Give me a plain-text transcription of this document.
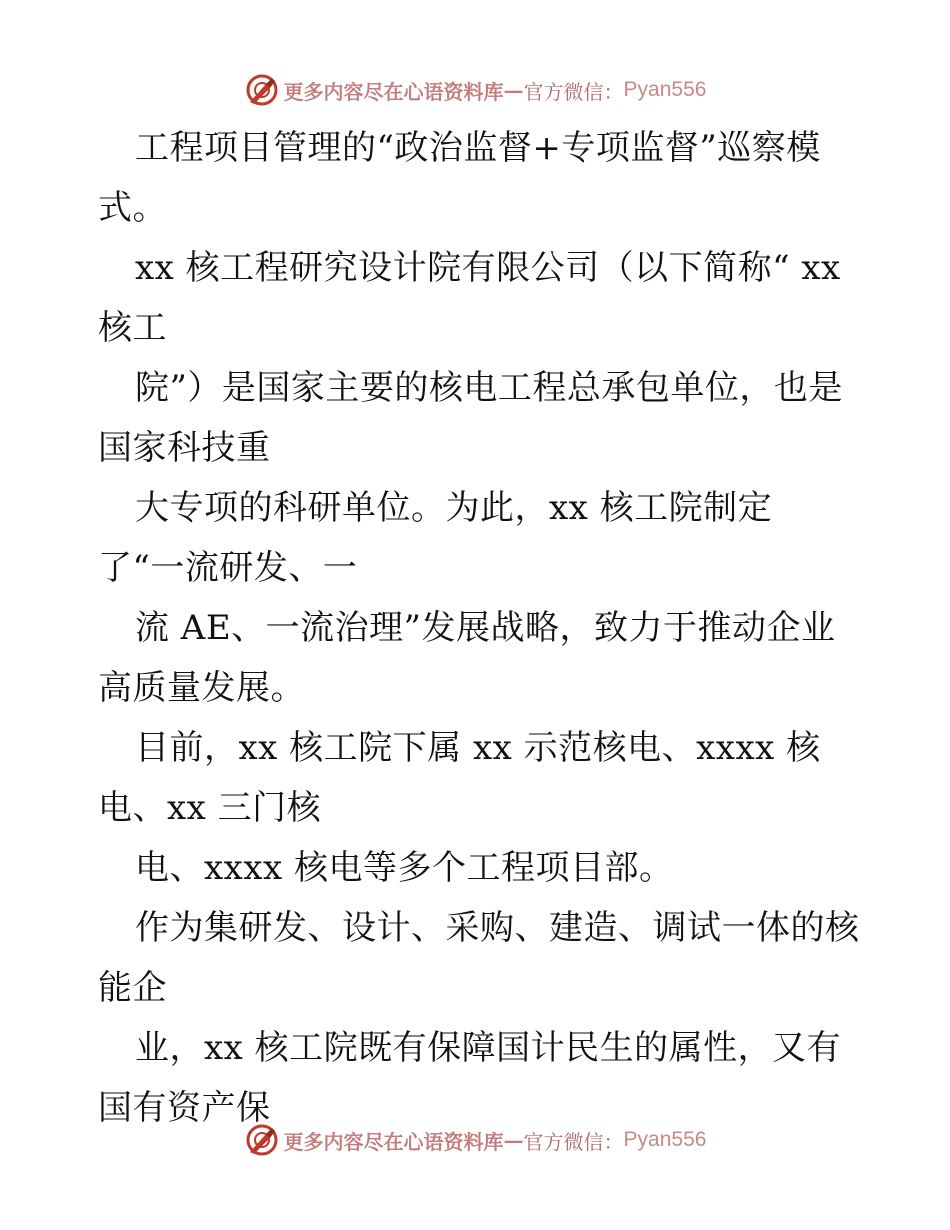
更多内容尽在心语资料库 — 官方微信： Pyan556
工程项目管理的“政治监督+专项监督”巡察模
式。
xx 核工程研究设计院有限公司（以下简称“ xx
核工
院”）是国家主要的核电工程总承包单位，也是
国家科技重
大专项的科研单位。为此，xx 核工院制定
了“一流研发、一
流 AE、一流治理”发展战略，致力于推动企业
高质量发展。
目前，xx 核工院下属 xx 示范核电、xxxx 核
电、xx 三门核
电、xxxx 核电等多个工程项目部。
作为集研发、设计、采购、建造、调试一体的核
能企
业，xx 核工院既有保障国计民生的属性，又有
国有资产保
更多内容尽在心语资料库 — 官方微信： Pyan556
